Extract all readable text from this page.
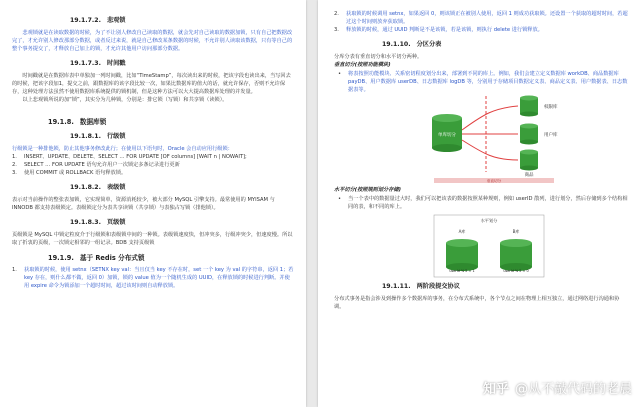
19.1.7.2. 悲观锁
悲观锁就是在读取数据的时候，为了不让别人修改自己读取的数据，就会先对自己读取的数据加锁，只有自己把数据改完了，才允许别人修改那部分数据，或者反过来说，就是自己修改某条数据的时候，不允许别人读取该数据，只有等自己的整个事务提交了，才释放自己加上的锁，才允许其他用户访问那部分数据。
19.1.7.3. 时间戳
时间戳就是在数据库表中单独加一列时间戳，比如“TimeStamp”，每次读出来的时候，把该字段也读出来，当写回去的时候，把该字段加1，提交之前，跟数据库的该字段比较一次，如果比数据库的值大的话，就允许保存，否则不允许保存，这种处理方法虽然不使用数据库系统提供的锁机制，但是这种方法可以大大提高数据库处理的并发量。
以上悲观锁所说的加“锁”，其实分为几种锁，分别是：排它锁（写锁）和共享锁（读锁）。
19.1.8. 数据库锁
19.1.8.1. 行级锁
行级锁是一种排他锁，防止其他事务修改此行；在使用以下语句时，Oracle 会自动应用行级锁：
1. INSERT、UPDATE、DELETE、SELECT … FOR UPDATE [OF columns] [WAIT n | NOWAIT];
2. SELECT … FOR UPDATE 语句允许用户一次锁定多条记录进行更新
3. 使用 COMMIT 或 ROLLBACK 语句释放锁。
19.1.8.2. 表级锁
表示对当前操作的整张表加锁，它实现简单，资源消耗较少，被大部分 MySQL 引擎支持。最常使用的 MYISAM 与 INNODB 都支持表级锁定。表级锁定分为表共享读锁（共享锁）与表独占写锁（排他锁）。
19.1.8.3. 页级锁
页级锁是 MySQL 中锁定粒度介于行级锁和表级锁中间的一种锁。表级锁速度快，但冲突多，行级冲突少，但速度慢。所以取了折衷的页级，一次锁定相邻的一组记录。BDB 支持页级锁
19.1.9. 基于 Redis 分布式锁
1. 获取锁的时候，使用 setnx（SETNX key val：当且仅当 key 不存在时，set 一个 key 为 val 的字符串，返回 1；若 key 存在，则什么都不做，返回 0）加锁，锁的 value 值为一个随机生成的 UUID，在释放锁的时候进行判断。并使用 expire 命令为锁添加一个超时时间，超过该时间则自动释放锁。
2. 获取锁的时候调用 setnx，如果返回 0，则该锁正在被别人使用，返回 1 则成功获取锁。还设置一个获取的超时时间，若超过这个时间则放弃获取锁。
3. 释放锁的时候，通过 UUID 判断是不是该锁，若是该锁，则执行 delete 进行锁释放。
19.1.10. 分区分表
分库分表有垂直切分和水平切分两种。
垂直切分(按照功能模块)
• 将表按照功能模块、关系密切程度划分出来，部署到不同的库上。例如，我们会建立定义数据库 workDB、商品数据库 payDB、用户数据库 userDB、日志数据库 logDB 等，分别用于存储项目数据定义表、商品定义表、用户数据表、日志数据表等。
单库切分
权限库
用户库
商品
垂直切分
水平切分(按照规则划分存储)
• 当一个表中的数据量过大时，我们可以把该表的数据按照某种规则，例如 userID 散列，进行划分，然后存储到多个结构相同的表，和不同的库上。
水平划分
A库	B库
userId % 2 = 1	userId % 2 = 0
19.1.11. 两阶段提交协议
分布式事务是指会涉及到操作多个数据库的事务，在分布式系统中，各个节点之间在物理上相互独立，通过网络进行沟通和协调。
知乎 @从不敲代码的老晨
